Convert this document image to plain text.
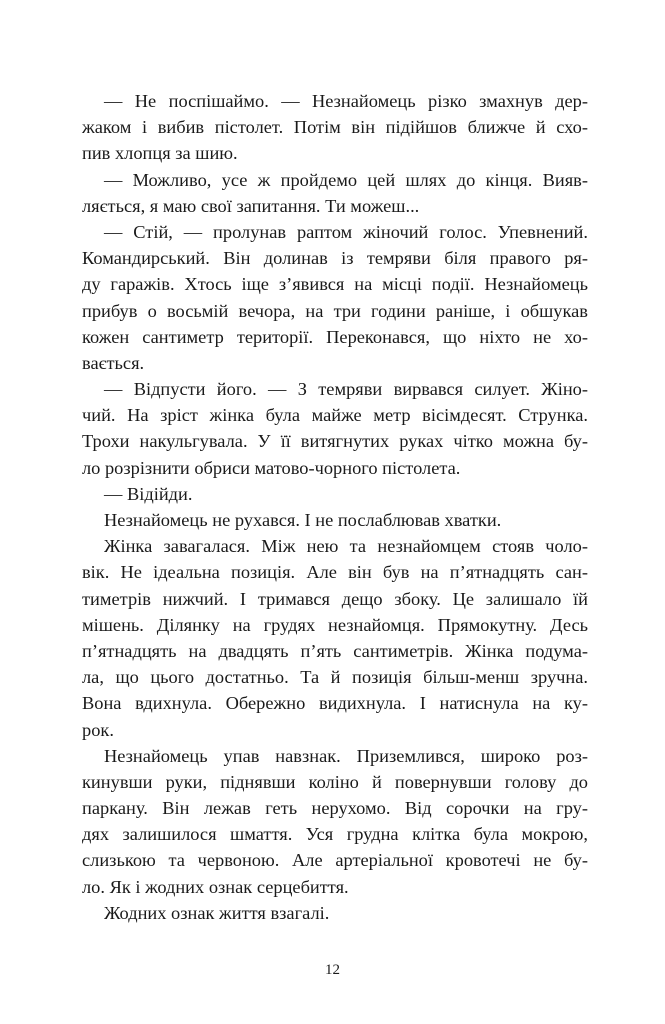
— Не поспішаймо. — Незнайомець різко змахнув дер-
жаком і вибив пістолет. Потім він підійшов ближче й схо-
пив хлопця за шию.
— Можливо, усе ж пройдемо цей шлях до кінця. Вияв-
ляється, я маю свої запитання. Ти можеш...
— Стій, — пролунав раптом жіночий голос. Упевнений.
Командирський. Він долинав із темряви біля правого ря-
ду гаражів. Хтось іще з’явився на місці події. Незнайомець
прибув о восьмій вечора, на три години раніше, і обшукав
кожен сантиметр території. Переконався, що ніхто не хо-
вається.
— Відпусти його. — З темряви вирвався силует. Жіно-
чий. На зріст жінка була майже метр вісімдесят. Струнка.
Трохи накульгувала. У її витягнутих руках чітко можна бу-
ло розрізнити обриси матово-чорного пістолета.
— Відійди.
Незнайомець не рухався. І не послаблював хватки.
Жінка завагалася. Між нею та незнайомцем стояв чоло-
вік. Не ідеальна позиція. Але він був на п’ятнадцять сан-
тиметрів нижчий. І тримався дещо збоку. Це залишало їй
мішень. Ділянку на грудях незнайомця. Прямокутну. Десь
п’ятнадцять на двадцять п’ять сантиметрів. Жінка подума-
ла, що цього достатньо. Та й позиція більш-менш зручна.
Вона вдихнула. Обережно видихнула. І натиснула на ку-
рок.
Незнайомець упав навзнак. Приземлився, широко роз-
кинувши руки, піднявши коліно й повернувши голову до
паркану. Він лежав геть нерухомо. Від сорочки на гру-
дях залишилося шмаття. Уся грудна клітка була мокрою,
слизькою та червоною. Але артеріальної кровотечі не бу-
ло. Як і жодних ознак серцебиття.
Жодних ознак життя взагалі.
12
